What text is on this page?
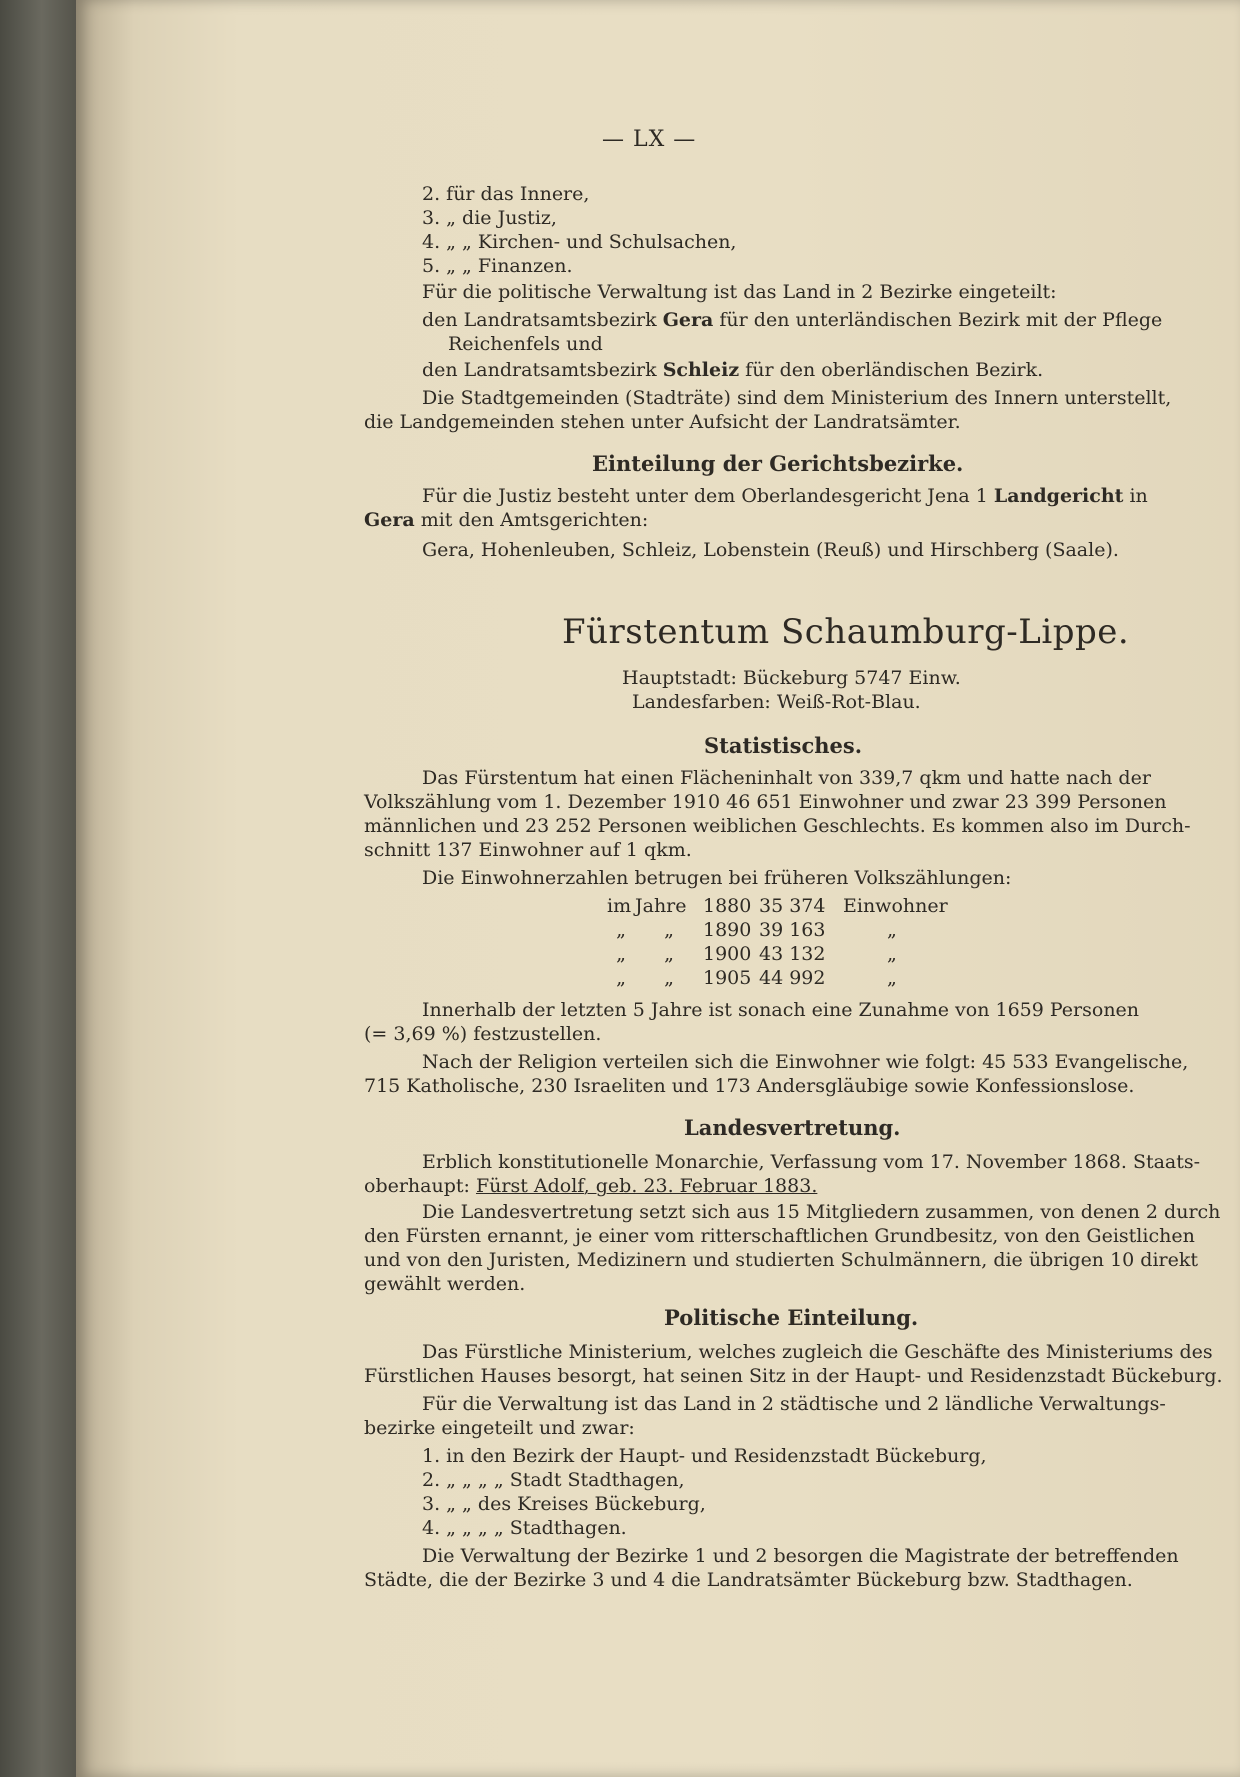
— LX —
2. für das Innere,
3. „ die Justiz,
4. „ „ Kirchen- und Schulsachen,
5. „ „ Finanzen.
Für die politische Verwaltung ist das Land in 2 Bezirke eingeteilt:
den Landratsamtsbezirk Gera für den unterländischen Bezirk mit der Pflege
Reichenfels und
den Landratsamtsbezirk Schleiz für den oberländischen Bezirk.
Die Stadtgemeinden (Stadträte) sind dem Ministerium des Innern unterstellt,
die Landgemeinden stehen unter Aufsicht der Landratsämter.
Einteilung der Gerichtsbezirke.
Für die Justiz besteht unter dem Oberlandesgericht Jena 1 Landgericht in
Gera mit den Amtsgerichten:
Gera, Hohenleuben, Schleiz, Lobenstein (Reuß) und Hirschberg (Saale).
Fürstentum Schaumburg-Lippe.
Hauptstadt: Bückeburg 5747 Einw.
Landesfarben: Weiß-Rot-Blau.
Statistisches.
Das Fürstentum hat einen Flächeninhalt von 339,7 qkm und hatte nach der
Volkszählung vom 1. Dezember 1910 46 651 Einwohner und zwar 23 399 Personen
männlichen und 23 252 Personen weiblichen Geschlechts. Es kommen also im Durch-
schnitt 137 Einwohner auf 1 qkm.
Die Einwohnerzahlen betrugen bei früheren Volkszählungen:
im	Jahre	1880	35 374	Einwohner
„	„	1890	39 163	„
„	„	1900	43 132	„
„	„	1905	44 992	„
Innerhalb der letzten 5 Jahre ist sonach eine Zunahme von 1659 Personen
(= 3,69 %) festzustellen.
Nach der Religion verteilen sich die Einwohner wie folgt: 45 533 Evangelische,
715 Katholische, 230 Israeliten und 173 Andersgläubige sowie Konfessionslose.
Landesvertretung.
Erblich konstitutionelle Monarchie, Verfassung vom 17. November 1868. Staats-
oberhaupt: Fürst Adolf, geb. 23. Februar 1883.
Die Landesvertretung setzt sich aus 15 Mitgliedern zusammen, von denen 2 durch
den Fürsten ernannt, je einer vom ritterschaftlichen Grundbesitz, von den Geistlichen
und von den Juristen, Medizinern und studierten Schulmännern, die übrigen 10 direkt
gewählt werden.
Politische Einteilung.
Das Fürstliche Ministerium, welches zugleich die Geschäfte des Ministeriums des
Fürstlichen Hauses besorgt, hat seinen Sitz in der Haupt- und Residenzstadt Bückeburg.
Für die Verwaltung ist das Land in 2 städtische und 2 ländliche Verwaltungs-
bezirke eingeteilt und zwar:
1. in den Bezirk der Haupt- und Residenzstadt Bückeburg,
2. „ „ „ „ Stadt Stadthagen,
3. „ „ des Kreises Bückeburg,
4. „ „ „ „ Stadthagen.
Die Verwaltung der Bezirke 1 und 2 besorgen die Magistrate der betreffenden
Städte, die der Bezirke 3 und 4 die Landratsämter Bückeburg bzw. Stadthagen.
